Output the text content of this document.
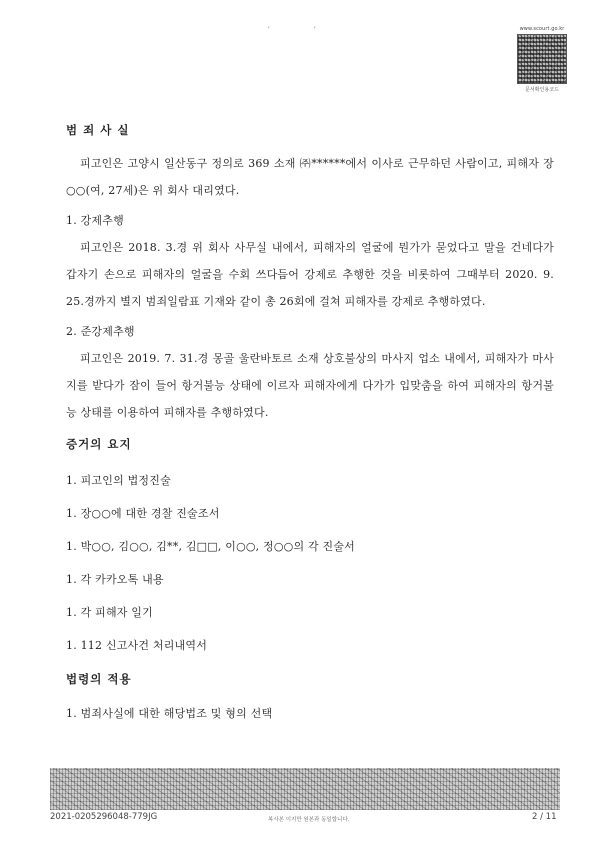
'	'	www.scourt.go.kr
문서확인용코드

범 죄 사 실

피고인은 고양시 일산동구 정의로 369 소재 ㈜******에서 이사로 근무하던 사람이고, 피해자 장○○(여, 27세)은 위 회사 대리였다.

1. 강제추행

피고인은 2018. 3.경 위 회사 사무실 내에서, 피해자의 얼굴에 뭔가가 묻었다고 말을 건네다가 갑자기 손으로 피해자의 얼굴을 수회 쓰다듬어 강제로 추행한 것을 비롯하여 그때부터 2020. 9. 25.경까지 별지 범죄일람표 기재와 같이 총 26회에 걸쳐 피해자를 강제로 추행하였다.

2. 준강제추행

피고인은 2019. 7. 31.경 몽골 울란바토르 소재 상호불상의 마사지 업소 내에서, 피해자가 마사지를 받다가 잠이 들어 항거불능 상태에 이르자 피해자에게 다가가 입맞춤을 하여 피해자의 항거불능 상태를 이용하여 피해자를 추행하였다.

증거의 요지

1. 피고인의 법정진술

1. 장○○에 대한 경찰 진술조서

1. 박○○, 김○○, 김**, 김□□, 이○○, 정○○의 각 진술서

1. 각 카카오톡 내용

1. 각 피해자 일기

1. 112 신고사건 처리내역서

법령의 적용

1. 범죄사실에 대한 해당법조 및 형의 선택

2021-0205296048-779JG	복사본 이지만 원본과 동일합니다.	2 / 11
